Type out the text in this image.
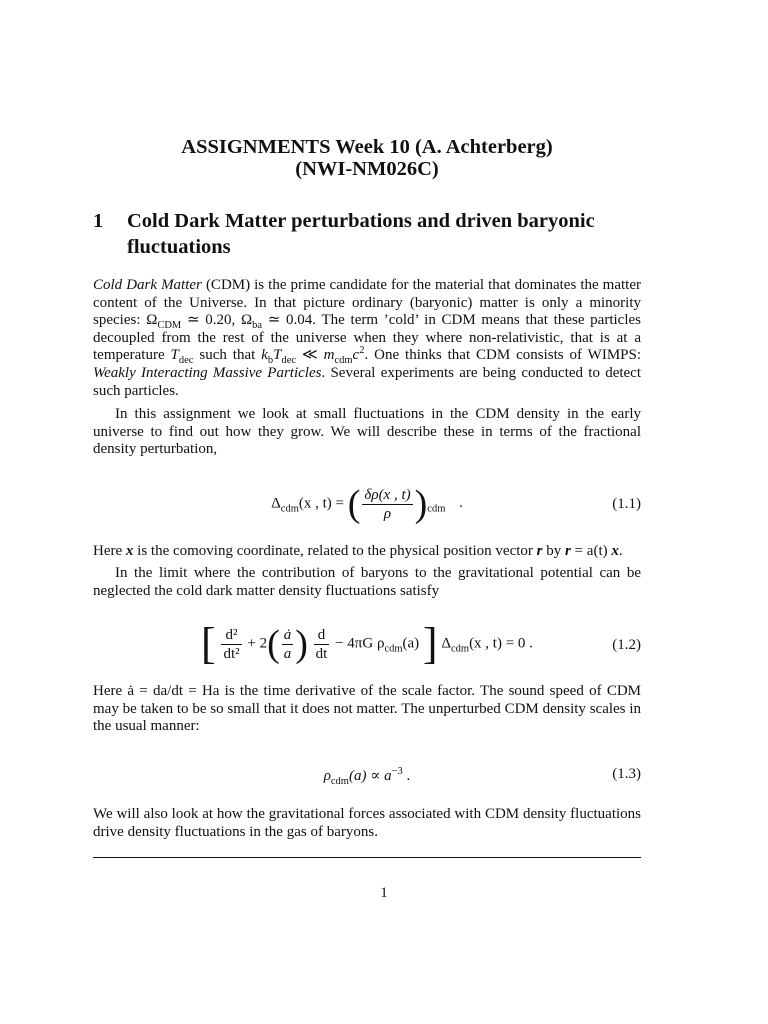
ASSIGNMENTS Week 10 (A. Achterberg)
(NWI-NM026C)
1 Cold Dark Matter perturbations and driven baryonic fluctuations

Cold Dark Matter (CDM) is the prime candidate for the material that dominates the matter content of the Universe. In that picture ordinary (baryonic) matter is only a minority species: $\Omega_{CDM}$ ≃ 0.20, $\Omega_{ba}$ ≃ 0.04. The term ’cold’ in CDM means that these particles decoupled from the rest of the universe when they where non-relativistic, that is at a temperature $T_{dec}$ such that $k_bT_{dec}$ ≪ $m_{cdm}c^2$. One thinks that CDM consists of WIMPS: Weakly Interacting Massive Particles. Several experiments are being conducted to detect such particles.

In this assignment we look at small fluctuations in the CDM density in the early universe to find out how they grow. We will describe these in terms of the fractional density perturbation,

$\Delta_{cdm}(x$ , t) = ( $\frac{\delta\rho(x , t)}{\rho} )_{cdm}$ .	(1.1)

Here x is the comoving coordinate, related to the physical position vector r by r = a(t) x.

In the limit where the contribution of baryons to the gravitational potential can be neglected the cold dark matter density fluctuations satisfy

[ $\frac{\text{d²}}{\text{dt²}} + 2( \frac{ȧ}{a}$ ) $\frac{d}{dt} - 4\pi G$ $\rho_{cdm}(a)$ ] $\Delta_{cdm}(x$ , t) = 0 .	(1.2)

Here ȧ = da/dt = Ha is the time derivative of the scale factor. The sound speed of CDM may be taken to be so small that it does not matter. The unperturbed CDM density scales in the usual manner:

$\rho_{cdm}(a) \propto a^{-3}$ .	(1.3)

We will also look at how the gravitational forces associated with CDM density fluctuations drive density fluctuations in the gas of baryons.

1
